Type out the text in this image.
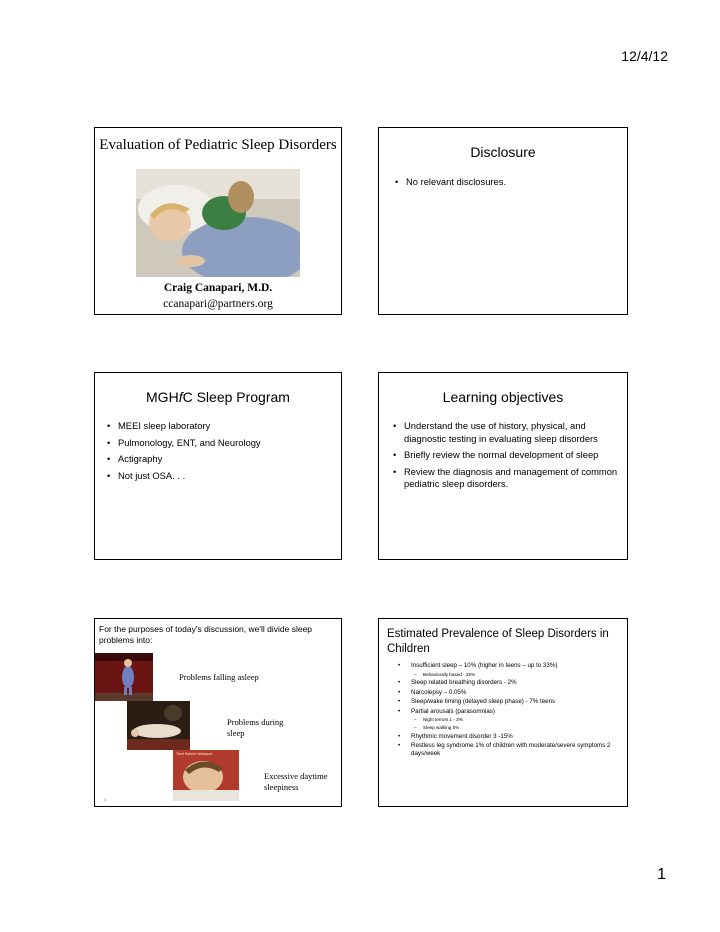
12/4/12
Evaluation of Pediatric Sleep Disorders
Craig Canapari, M.D.
ccanapari@partners.org
Disclosure
• No relevant disclosures.
MGHfC Sleep Program
• MEEI sleep laboratory
• Pulmonology, ENT, and Neurology
• Actigraphy
• Not just OSA. . .
Learning objectives
• Understand the use of history, physical, and diagnostic testing in evaluating sleep disorders
• Briefly review the normal development of sleep
• Review the diagnosis and management of common pediatric sleep disorders.
For the purposes of today's discussion, we'll divide sleep problems into:
Problems falling asleep
Problems during sleep
Tired Ratbird Wallpaper
Excessive daytime sleepiness
4
Estimated Prevalence of Sleep Disorders in Children
• Insufficient sleep – 10% (higher in teens – up to 33%)
– Behaviorally based - 25%
• Sleep related breathing disorders - 2%
• Narcolepsy – 0.05%
• Sleep/wake timing (delayed sleep phase) - 7% teens
• Partial arousals (parasomnias)
– Night terrors 1 - 3%
– Sleep walking 5%
• Rhythmic movement disorder 3 -15%
• Restless leg syndrome 1% of children with moderate/severe symptoms 2 days/week
1
